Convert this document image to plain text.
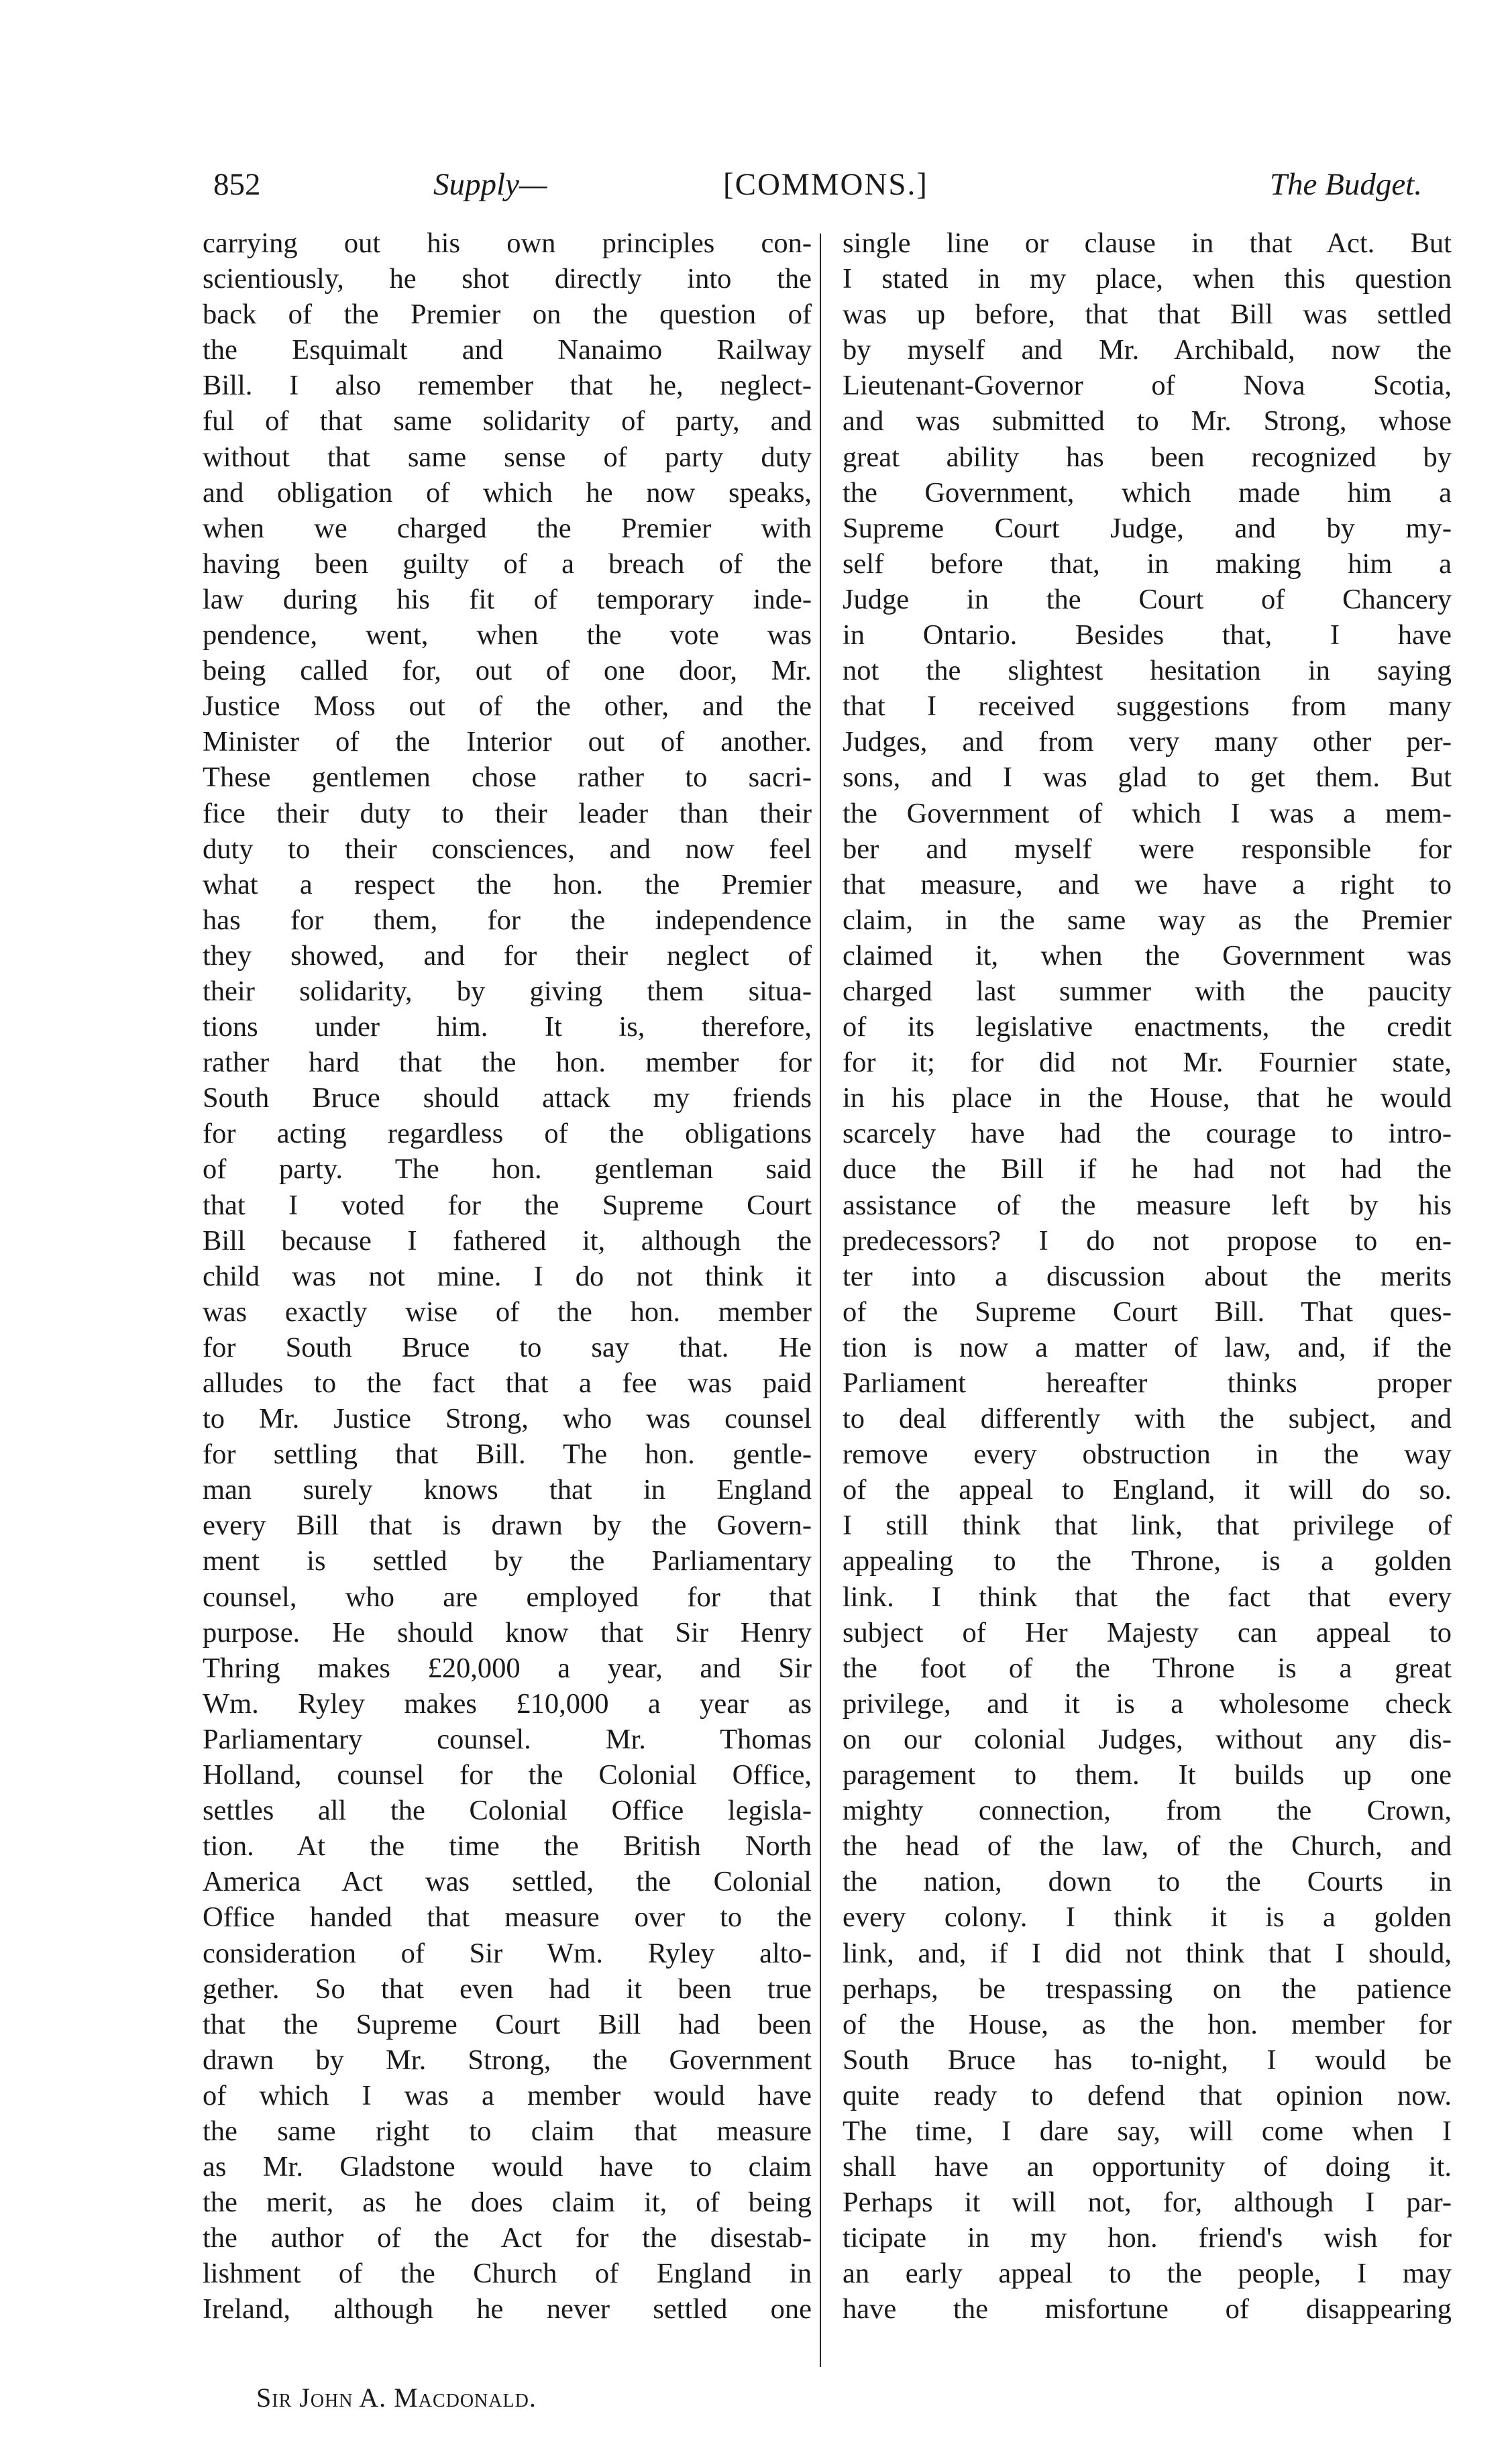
852	Supply—	[COMMONS.]	The Budget.
carrying out his own principles con-
scientiously, he shot directly into the
back of the Premier on the question of
the Esquimalt and Nanaimo Railway
Bill. I also remember that he, neglect-
ful of that same solidarity of party, and
without that same sense of party duty
and obligation of which he now speaks,
when we charged the Premier with
having been guilty of a breach of the
law during his fit of temporary inde-
pendence, went, when the vote was
being called for, out of one door, Mr.
Justice Moss out of the other, and the
Minister of the Interior out of another.
These gentlemen chose rather to sacri-
fice their duty to their leader than their
duty to their consciences, and now feel
what a respect the hon. the Premier
has for them, for the independence
they showed, and for their neglect of
their solidarity, by giving them situa-
tions under him. It is, therefore,
rather hard that the hon. member for
South Bruce should attack my friends
for acting regardless of the obligations
of party. The hon. gentleman said
that I voted for the Supreme Court
Bill because I fathered it, although the
child was not mine. I do not think it
was exactly wise of the hon. member
for South Bruce to say that. He
alludes to the fact that a fee was paid
to Mr. Justice Strong, who was counsel
for settling that Bill. The hon. gentle-
man surely knows that in England
every Bill that is drawn by the Govern-
ment is settled by the Parliamentary
counsel, who are employed for that
purpose. He should know that Sir Henry
Thring makes £20,000 a year, and Sir
Wm. Ryley makes £10,000 a year as
Parliamentary counsel. Mr. Thomas
Holland, counsel for the Colonial Office,
settles all the Colonial Office legisla-
tion. At the time the British North
America Act was settled, the Colonial
Office handed that measure over to the
consideration of Sir Wm. Ryley alto-
gether. So that even had it been true
that the Supreme Court Bill had been
drawn by Mr. Strong, the Government
of which I was a member would have
the same right to claim that measure
as Mr. Gladstone would have to claim
the merit, as he does claim it, of being
the author of the Act for the disestab-
lishment of the Church of England in
Ireland, although he never settled one
single line or clause in that Act. But
I stated in my place, when this question
was up before, that that Bill was settled
by myself and Mr. Archibald, now the
Lieutenant-Governor of Nova Scotia,
and was submitted to Mr. Strong, whose
great ability has been recognized by
the Government, which made him a
Supreme Court Judge, and by my-
self before that, in making him a
Judge in the Court of Chancery
in Ontario. Besides that, I have
not the slightest hesitation in saying
that I received suggestions from many
Judges, and from very many other per-
sons, and I was glad to get them. But
the Government of which I was a mem-
ber and myself were responsible for
that measure, and we have a right to
claim, in the same way as the Premier
claimed it, when the Government was
charged last summer with the paucity
of its legislative enactments, the credit
for it; for did not Mr. Fournier state,
in his place in the House, that he would
scarcely have had the courage to intro-
duce the Bill if he had not had the
assistance of the measure left by his
predecessors? I do not propose to en-
ter into a discussion about the merits
of the Supreme Court Bill. That ques-
tion is now a matter of law, and, if the
Parliament hereafter thinks proper
to deal differently with the subject, and
remove every obstruction in the way
of the appeal to England, it will do so.
I still think that link, that privilege of
appealing to the Throne, is a golden
link. I think that the fact that every
subject of Her Majesty can appeal to
the foot of the Throne is a great
privilege, and it is a wholesome check
on our colonial Judges, without any dis-
paragement to them. It builds up one
mighty connection, from the Crown,
the head of the law, of the Church, and
the nation, down to the Courts in
every colony. I think it is a golden
link, and, if I did not think that I should,
perhaps, be trespassing on the patience
of the House, as the hon. member for
South Bruce has to-night, I would be
quite ready to defend that opinion now.
The time, I dare say, will come when I
shall have an opportunity of doing it.
Perhaps it will not, for, although I par-
ticipate in my hon. friend's wish for
an early appeal to the people, I may
have the misfortune of disappearing
Sir John A. Macdonald.
